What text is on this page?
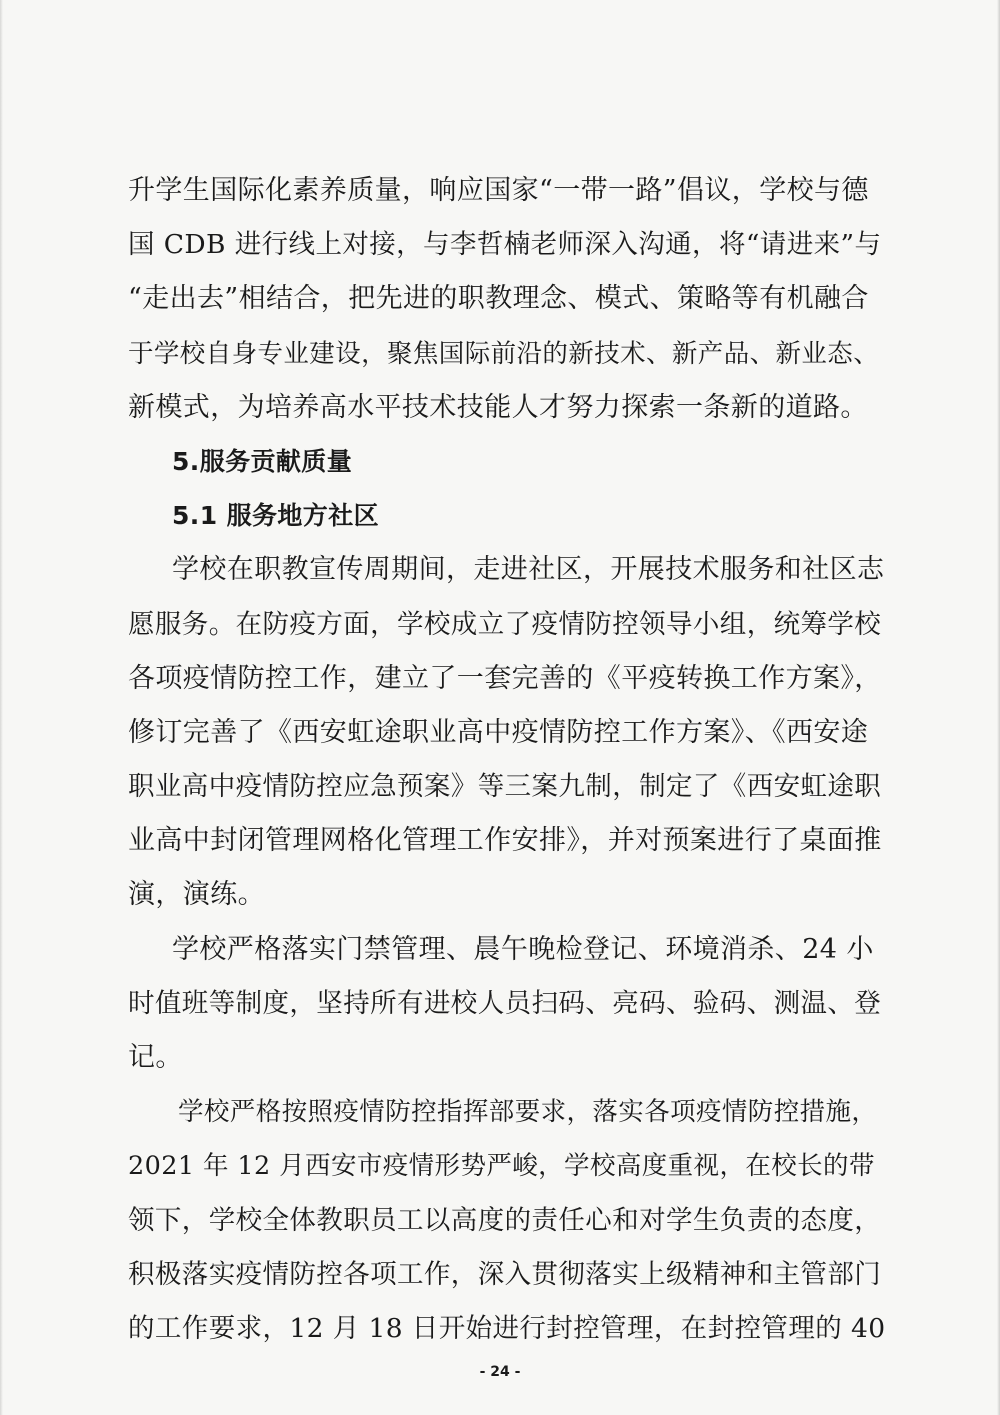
升学生国际化素养质量，响应国家“一带一路”倡议，学校与德
国 CDB 进行线上对接，与李哲楠老师深入沟通，将“请进来”与
“走出去”相结合，把先进的职教理念、模式、策略等有机融合
于学校自身专业建设，聚焦国际前沿的新技术、新产品、新业态、
新模式，为培养高水平技术技能人才努力探索一条新的道路。
5.服务贡献质量
5.1 服务地方社区
学校在职教宣传周期间，走进社区，开展技术服务和社区志
愿服务。在防疫方面，学校成立了疫情防控领导小组，统筹学校
各项疫情防控工作，建立了一套完善的《平疫转换工作方案》，
修订完善了《西安虹途职业高中疫情防控工作方案》、《西安途
职业高中疫情防控应急预案》等三案九制，制定了《西安虹途职
业高中封闭管理网格化管理工作安排》，并对预案进行了桌面推
演，演练。
学校严格落实门禁管理、晨午晚检登记、环境消杀、24 小
时值班等制度，坚持所有进校人员扫码、亮码、验码、测温、登
记。
学校严格按照疫情防控指挥部要求，落实各项疫情防控措施，
2021 年 12 月西安市疫情形势严峻，学校高度重视，在校长的带
领下，学校全体教职员工以高度的责任心和对学生负责的态度，
积极落实疫情防控各项工作，深入贯彻落实上级精神和主管部门
的工作要求，12 月 18 日开始进行封控管理，在封控管理的 40
- 24 -
